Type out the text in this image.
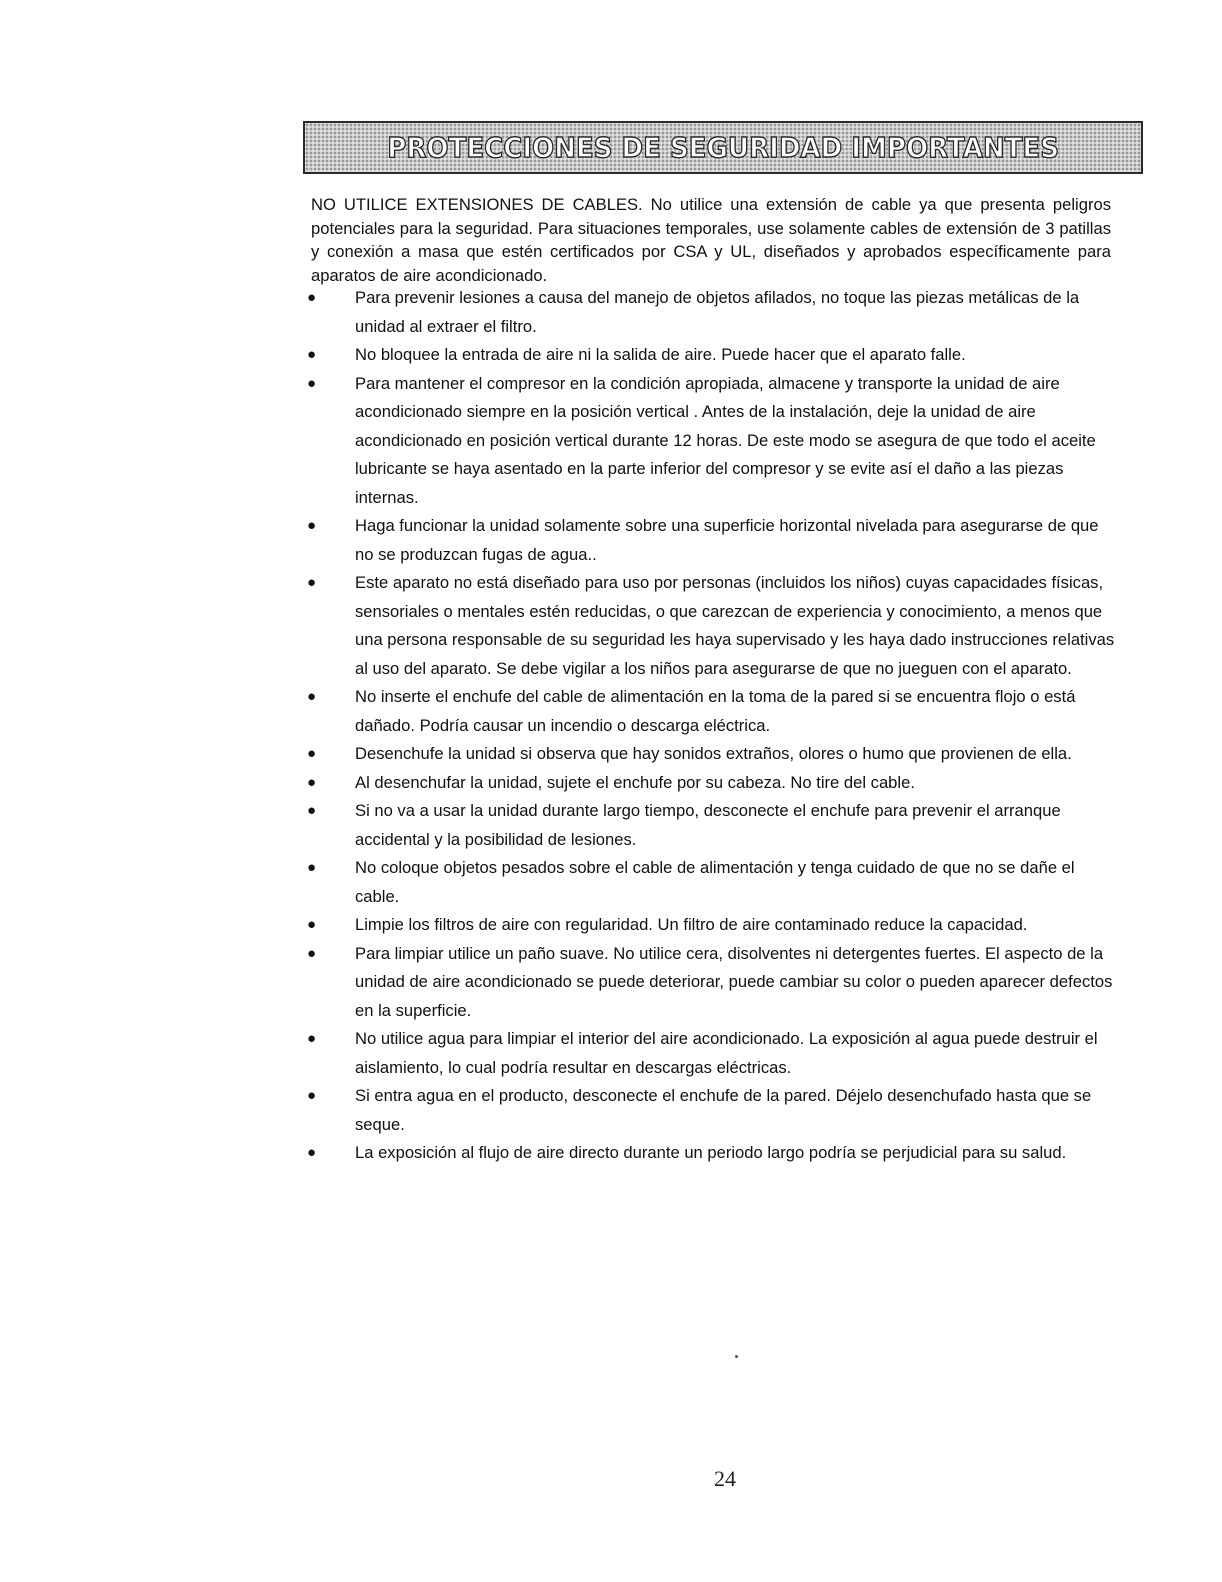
PROTECCIONES DE SEGURIDAD IMPORTANTES

NO UTILICE EXTENSIONES DE CABLES. No utilice una extensión de cable ya que presenta peligros potenciales para la seguridad. Para situaciones temporales, use solamente cables de extensión de 3 patillas y conexión a masa que estén certificados por CSA y UL, diseñados y aprobados específicamente para aparatos de aire acondicionado.

●	Para prevenir lesiones a causa del manejo de objetos afilados, no toque las piezas metálicas de la unidad al extraer el filtro.
●	No bloquee la entrada de aire ni la salida de aire. Puede hacer que el aparato falle.
●	Para mantener el compresor en la condición apropiada, almacene y transporte la unidad de aire acondicionado siempre en la posición vertical . Antes de la instalación, deje la unidad de aire acondicionado en posición vertical durante 12 horas. De este modo se asegura de que todo el aceite lubricante se haya asentado en la parte inferior del compresor y se evite así el daño a las piezas internas.
●	Haga funcionar la unidad solamente sobre una superficie horizontal nivelada para asegurarse de que no se produzcan fugas de agua..
●	Este aparato no está diseñado para uso por personas (incluidos los niños) cuyas capacidades físicas, sensoriales o mentales estén reducidas, o que carezcan de experiencia y conocimiento, a menos que una persona responsable de su seguridad les haya supervisado y les haya dado instrucciones relativas al uso del aparato. Se debe vigilar a los niños para asegurarse de que no jueguen con el aparato.
●	No inserte el enchufe del cable de alimentación en la toma de la pared si se encuentra flojo o está dañado. Podría causar un incendio o descarga eléctrica.
●	Desenchufe la unidad si observa que hay sonidos extraños, olores o humo que provienen de ella.
●	Al desenchufar la unidad, sujete el enchufe por su cabeza. No tire del cable.
●	Si no va a usar la unidad durante largo tiempo, desconecte el enchufe para prevenir el arranque accidental y la posibilidad de lesiones.
●	No coloque objetos pesados sobre el cable de alimentación y tenga cuidado de que no se dañe el cable.
●	Limpie los filtros de aire con regularidad. Un filtro de aire contaminado reduce la capacidad.
●	Para limpiar utilice un paño suave. No utilice cera, disolventes ni detergentes fuertes. El aspecto de la unidad de aire acondicionado se puede deteriorar, puede cambiar su color o pueden aparecer defectos en la superficie.
●	No utilice agua para limpiar el interior del aire acondicionado. La exposición al agua puede destruir el aislamiento, lo cual podría resultar en descargas eléctricas.
●	Si entra agua en el producto, desconecte el enchufe de la pared. Déjelo desenchufado hasta que se seque.
●	La exposición al flujo de aire directo durante un periodo largo podría se perjudicial para su salud.
24
